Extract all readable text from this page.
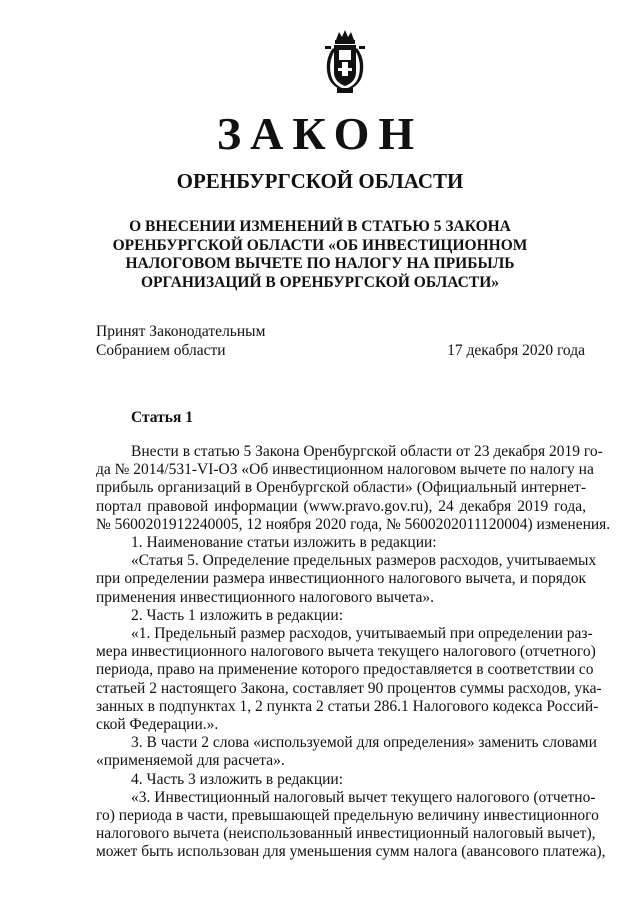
ЗАКОН
ОРЕНБУРГСКОЙ ОБЛАСТИ
О ВНЕСЕНИИ ИЗМЕНЕНИЙ В СТАТЬЮ 5 ЗАКОНА
ОРЕНБУРГСКОЙ ОБЛАСТИ «ОБ ИНВЕСТИЦИОННОМ
НАЛОГОВОМ ВЫЧЕТЕ ПО НАЛОГУ НА ПРИБЫЛЬ
ОРГАНИЗАЦИЙ В ОРЕНБУРГСКОЙ ОБЛАСТИ»
Принят Законодательным
Собранием области	17 декабря 2020 года
Статья 1
Внести в статью 5 Закона Оренбургской области от 23 декабря 2019 го-
да № 2014/531-VI-ОЗ «Об инвестиционном налоговом вычете по налогу на
прибыль организаций в Оренбургской области» (Официальный интернет-
портал правовой информации (www.pravo.gov.ru), 24 декабря 2019 года,
№ 5600201912240005, 12 ноября 2020 года, № 5600202011120004) изменения.
1. Наименование статьи изложить в редакции:
«Статья 5. Определение предельных размеров расходов, учитываемых
при определении размера инвестиционного налогового вычета, и порядок
применения инвестиционного налогового вычета».
2. Часть 1 изложить в редакции:
«1. Предельный размер расходов, учитываемый при определении раз-
мера инвестиционного налогового вычета текущего налогового (отчетного)
периода, право на применение которого предоставляется в соответствии со
статьей 2 настоящего Закона, составляет 90 процентов суммы расходов, ука-
занных в подпунктах 1, 2 пункта 2 статьи 286.1 Налогового кодекса Россий-
ской Федерации.».
3. В части 2 слова «используемой для определения» заменить словами
«применяемой для расчета».
4. Часть 3 изложить в редакции:
«3. Инвестиционный налоговый вычет текущего налогового (отчетно-
го) периода в части, превышающей предельную величину инвестиционного
налогового вычета (неиспользованный инвестиционный налоговый вычет),
может быть использован для уменьшения сумм налога (авансового платежа),
